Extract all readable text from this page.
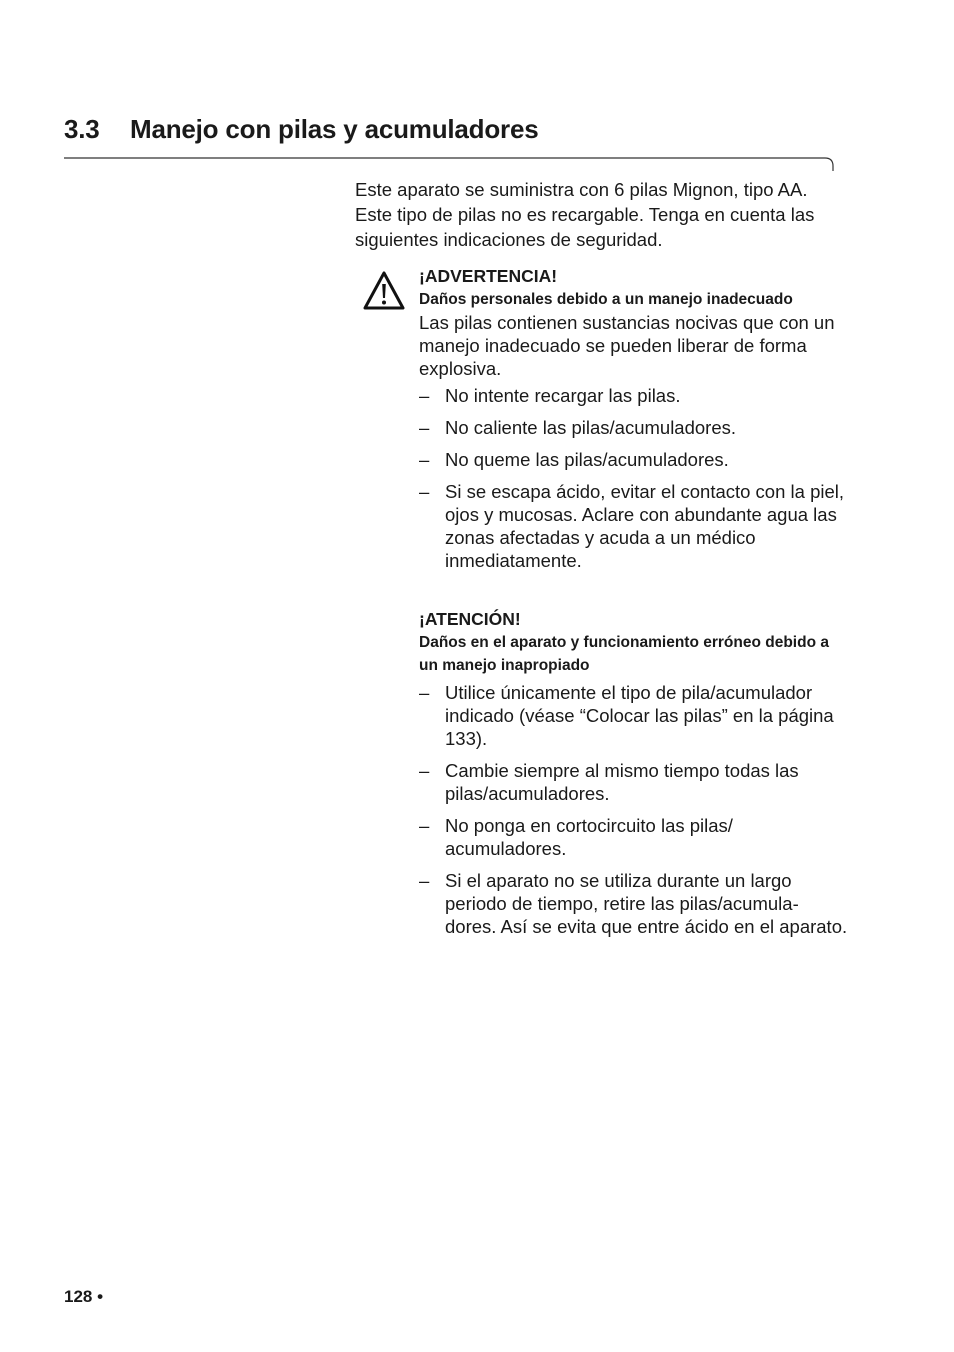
3.3 Manejo con pilas y acumuladores

Este aparato se suministra con 6 pilas Mignon, tipo AA. Este tipo de pilas no es recargable. Tenga en cuenta las siguientes indicaciones de seguridad.

¡ADVERTENCIA!

Daños personales debido a un manejo inadecuado

Las pilas contienen sustancias nocivas que con un manejo inadecuado se pueden liberar de forma explosiva.

– No intente recargar las pilas.
– No caliente las pilas/acumuladores.
– No queme las pilas/acumuladores.
– Si se escapa ácido, evitar el contacto con la piel, ojos y mucosas. Aclare con abundante agua las zonas afectadas y acuda a un médico inmediatamente.

¡ATENCIÓN!

Daños en el aparato y funcionamiento erróneo debido a un manejo inapropiado

– Utilice únicamente el tipo de pila/acumulador indicado (véase “Colocar las pilas” en la página 133).
– Cambie siempre al mismo tiempo todas las pilas/acumuladores.
– No ponga en cortocircuito las pilas/ acumuladores.
– Si el aparato no se utiliza durante un largo periodo de tiempo, retire las pilas/acumula- dores. Así se evita que entre ácido en el aparato.
128 •
